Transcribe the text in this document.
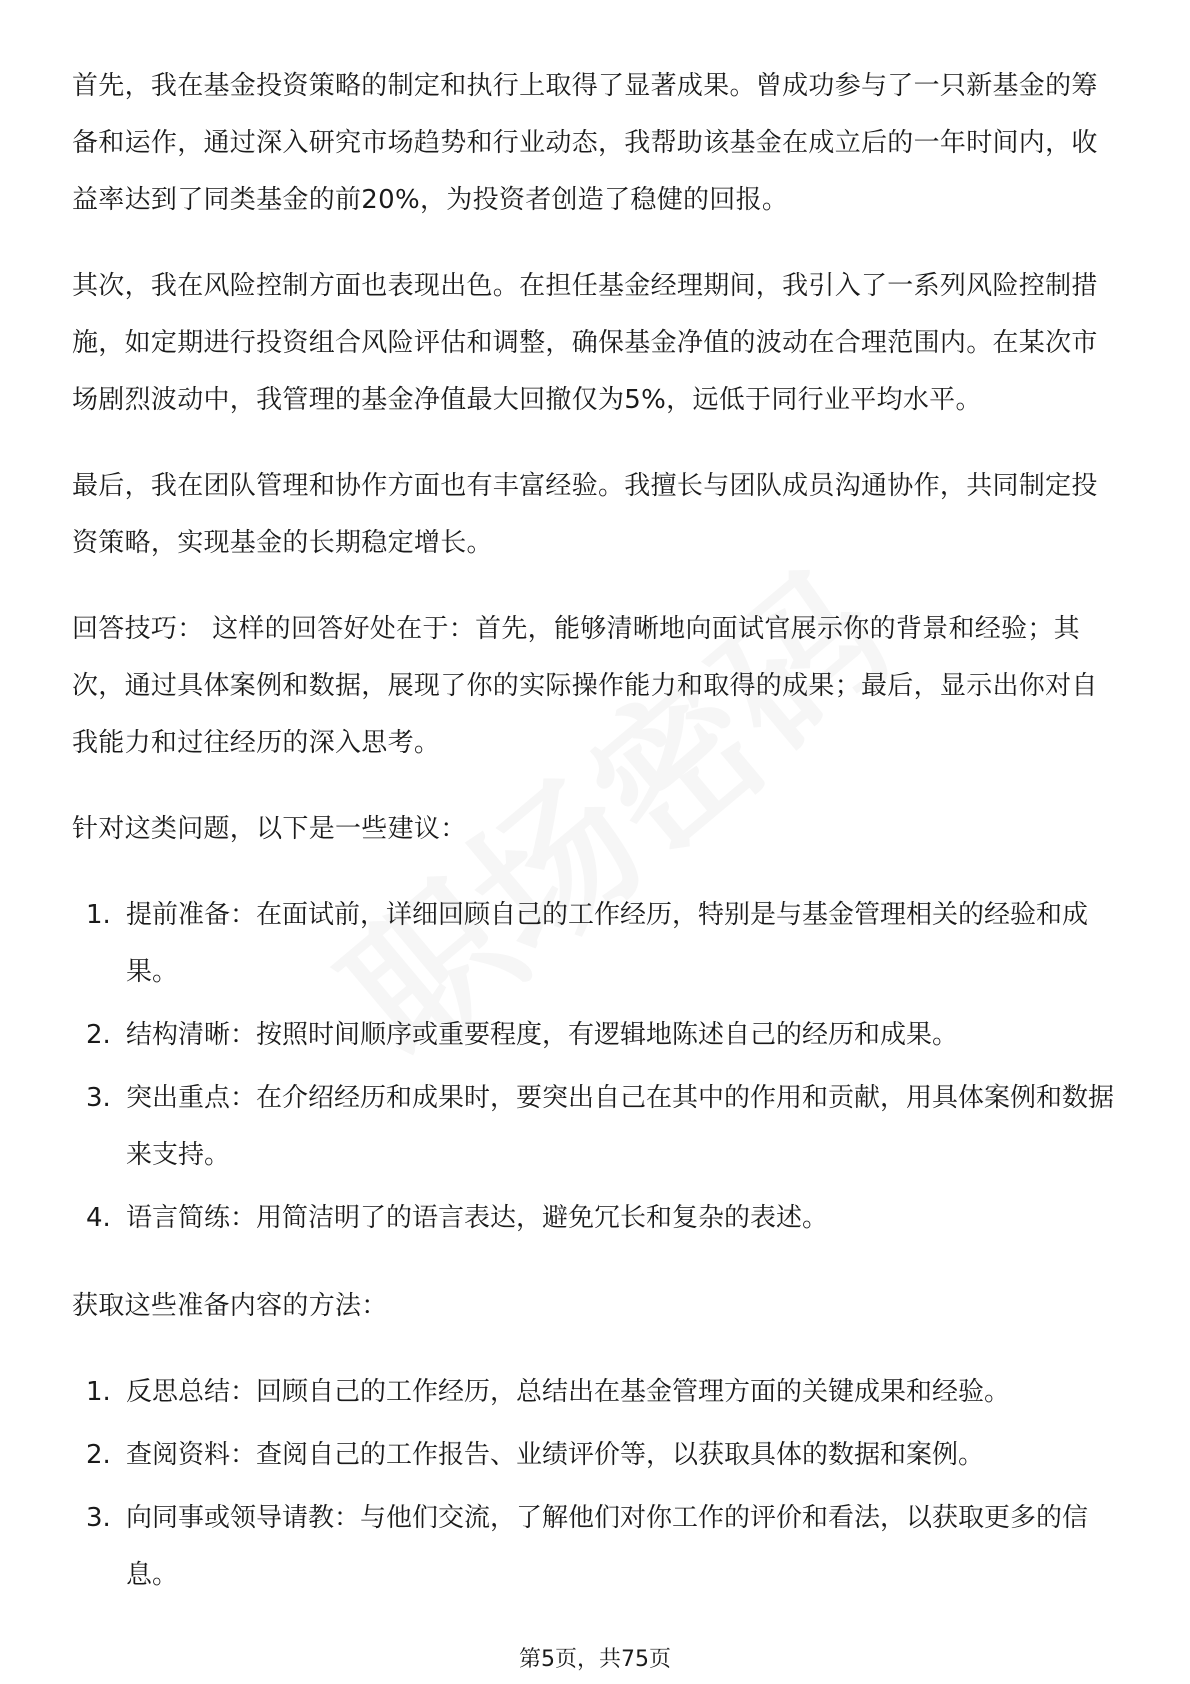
首先，我在基金投资策略的制定和执行上取得了显著成果。曾成功参与了一只新基金的筹备和运作，通过深入研究市场趋势和行业动态，我帮助该基金在成立后的一年时间内，收益率达到了同类基金的前20%，为投资者创造了稳健的回报。

其次，我在风险控制方面也表现出色。在担任基金经理期间，我引入了一系列风险控制措施，如定期进行投资组合风险评估和调整，确保基金净值的波动在合理范围内。在某次市场剧烈波动中，我管理的基金净值最大回撤仅为5%，远低于同行业平均水平。

最后，我在团队管理和协作方面也有丰富经验。我擅长与团队成员沟通协作，共同制定投资策略，实现基金的长期稳定增长。

回答技巧： 这样的回答好处在于：首先，能够清晰地向面试官展示你的背景和经验；其次，通过具体案例和数据，展现了你的实际操作能力和取得的成果；最后，显示出你对自我能力和过往经历的深入思考。

针对这类问题，以下是一些建议：

1. 提前准备：在面试前，详细回顾自己的工作经历，特别是与基金管理相关的经验和成果。
2. 结构清晰：按照时间顺序或重要程度，有逻辑地陈述自己的经历和成果。
3. 突出重点：在介绍经历和成果时，要突出自己在其中的作用和贡献，用具体案例和数据来支持。
4. 语言简练：用简洁明了的语言表达，避免冗长和复杂的表述。

获取这些准备内容的方法：

1. 反思总结：回顾自己的工作经历，总结出在基金管理方面的关键成果和经验。
2. 查阅资料：查阅自己的工作报告、业绩评价等，以获取具体的数据和案例。
3. 向同事或领导请教：与他们交流，了解他们对你工作的评价和看法，以获取更多的信息。
第5页，共75页
